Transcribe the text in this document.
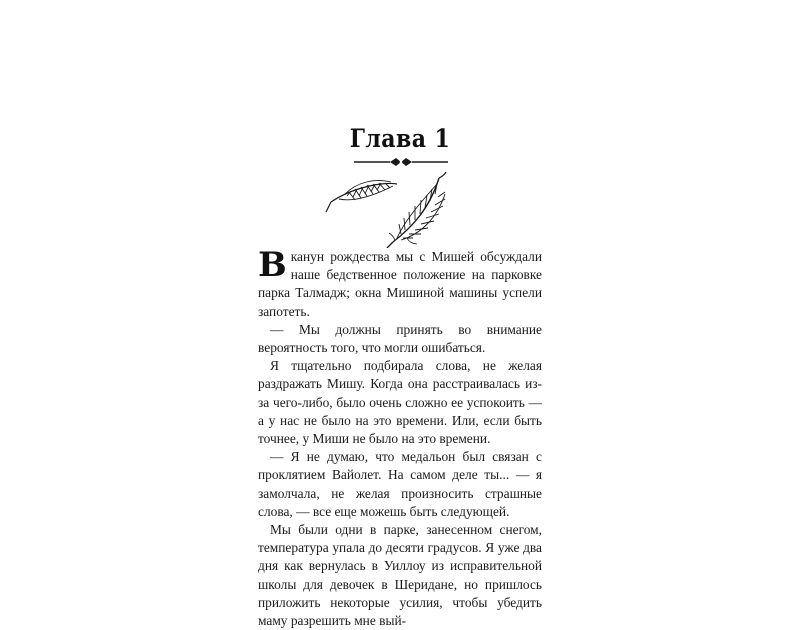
Глава 1

В канун рождества мы с Мишей обсуждали наше бедственное положение на парковке парка Талмадж; окна Мишиной машины успели запотеть.

— Мы должны принять во внимание вероятность того, что могли ошибаться.

Я тщательно подбирала слова, не желая раздражать Мишу. Когда она расстраивалась из-за чего-либо, было очень сложно ее успокоить — а у нас не было на это времени. Или, если быть точнее, у Миши не было на это времени.

— Я не думаю, что медальон был связан с проклятием Вайолет. На самом деле ты... — я замолчала, не желая произносить страшные слова, — все еще можешь быть следующей.

Мы были одни в парке, занесенном снегом, температура упала до десяти градусов. Я уже два дня как вернулась в Уиллоу из исправительной школы для девочек в Шеридане, но пришлось приложить некоторые усилия, чтобы убедить маму разрешить мне вый-
